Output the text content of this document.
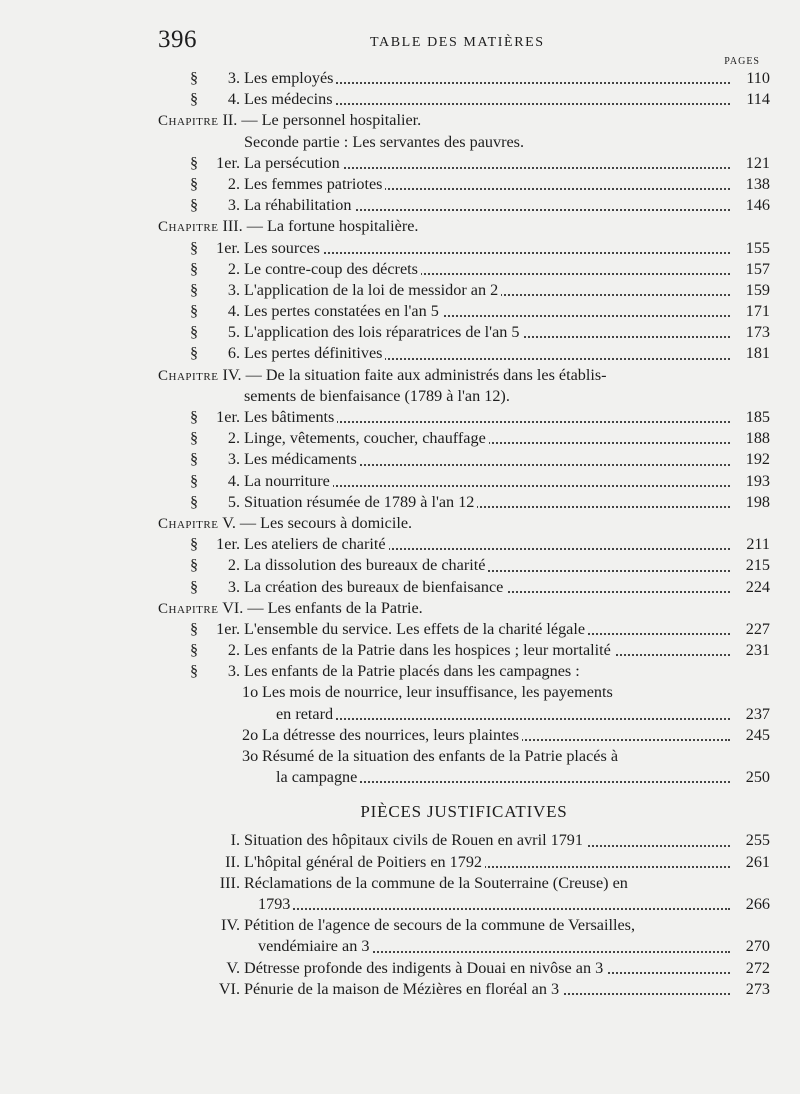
396	TABLE DES MATIÈRES
PAGES
§	3. Les employés	110
§	4. Les médecins	114
Chapitre II. — Le personnel hospitalier.
Seconde partie : Les servantes des pauvres.
§	1er. La persécution	121
§	2. Les femmes patriotes	138
§	3. La réhabilitation	146
Chapitre III. — La fortune hospitalière.
§	1er. Les sources	155
§	2. Le contre-coup des décrets	157
§	3. L'application de la loi de messidor an 2	159
§	4. Les pertes constatées en l'an 5	171
§	5. L'application des lois réparatrices de l'an 5	173
§	6. Les pertes définitives	181
Chapitre IV. — De la situation faite aux administrés dans les établis-
sements de bienfaisance (1789 à l'an 12).
§	1er. Les bâtiments	185
§	2. Linge, vêtements, coucher, chauffage	188
§	3. Les médicaments	192
§	4. La nourriture	193
§	5. Situation résumée de 1789 à l'an 12	198
Chapitre V. — Les secours à domicile.
§	1er. Les ateliers de charité	211
§	2. La dissolution des bureaux de charité	215
§	3. La création des bureaux de bienfaisance	224
Chapitre VI. — Les enfants de la Patrie.
§	1er. L'ensemble du service. Les effets de la charité légale	227
§	2. Les enfants de la Patrie dans les hospices ; leur mortalité	231
§	3. Les enfants de la Patrie placés dans les campagnes :
1o Les mois de nourrice, leur insuffisance, les payements
en retard	237
2o La détresse des nourrices, leurs plaintes	245
3o Résumé de la situation des enfants de la Patrie placés à
la campagne	250
PIÈCES JUSTIFICATIVES
I. Situation des hôpitaux civils de Rouen en avril 1791	255
II. L'hôpital général de Poitiers en 1792	261
III. Réclamations de la commune de la Souterraine (Creuse) en
1793	266
IV. Pétition de l'agence de secours de la commune de Versailles,
vendémiaire an 3	270
V. Détresse profonde des indigents à Douai en nivôse an 3	272
VI. Pénurie de la maison de Mézières en floréal an 3	273
